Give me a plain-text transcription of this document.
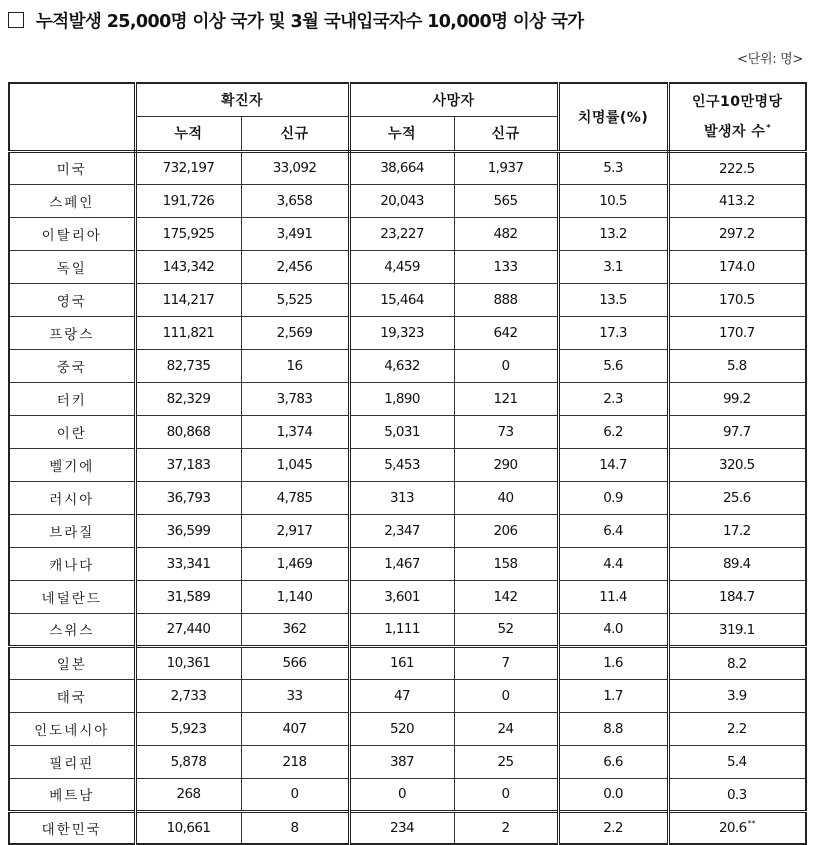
누적발생 25,000명 이상 국가 및 3월 국내입국자수 10,000명 이상 국가
<단위: 명>
	확진자		사망자		치명률(%)	인구10만명당
발생자 수*

	누적	신규	누적	신규		
미국	732,197	33,092	38,664	1,937	5.3	222.5
스페인	191,726	3,658	20,043	565	10.5	413.2
이탈리아	175,925	3,491	23,227	482	13.2	297.2
독일	143,342	2,456	4,459	133	3.1	174.0
영국	114,217	5,525	15,464	888	13.5	170.5
프랑스	111,821	2,569	19,323	642	17.3	170.7
중국	82,735	16	4,632	0	5.6	5.8
터키	82,329	3,783	1,890	121	2.3	99.2
이란	80,868	1,374	5,031	73	6.2	97.7
벨기에	37,183	1,045	5,453	290	14.7	320.5
러시아	36,793	4,785	313	40	0.9	25.6
브라질	36,599	2,917	2,347	206	6.4	17.2
캐나다	33,341	1,469	1,467	158	4.4	89.4
네덜란드	31,589	1,140	3,601	142	11.4	184.7
스위스	27,440	362	1,111	52	4.0	319.1
일본	10,361	566	161	7	1.6	8.2
태국	2,733	33	47	0	1.7	3.9
인도네시아	5,923	407	520	24	8.8	2.2
필리핀	5,878	218	387	25	6.6	5.4
베트남	268	0	0	0	0.0	0.3
대한민국	10,661	8	234	2	2.2	20.6**
